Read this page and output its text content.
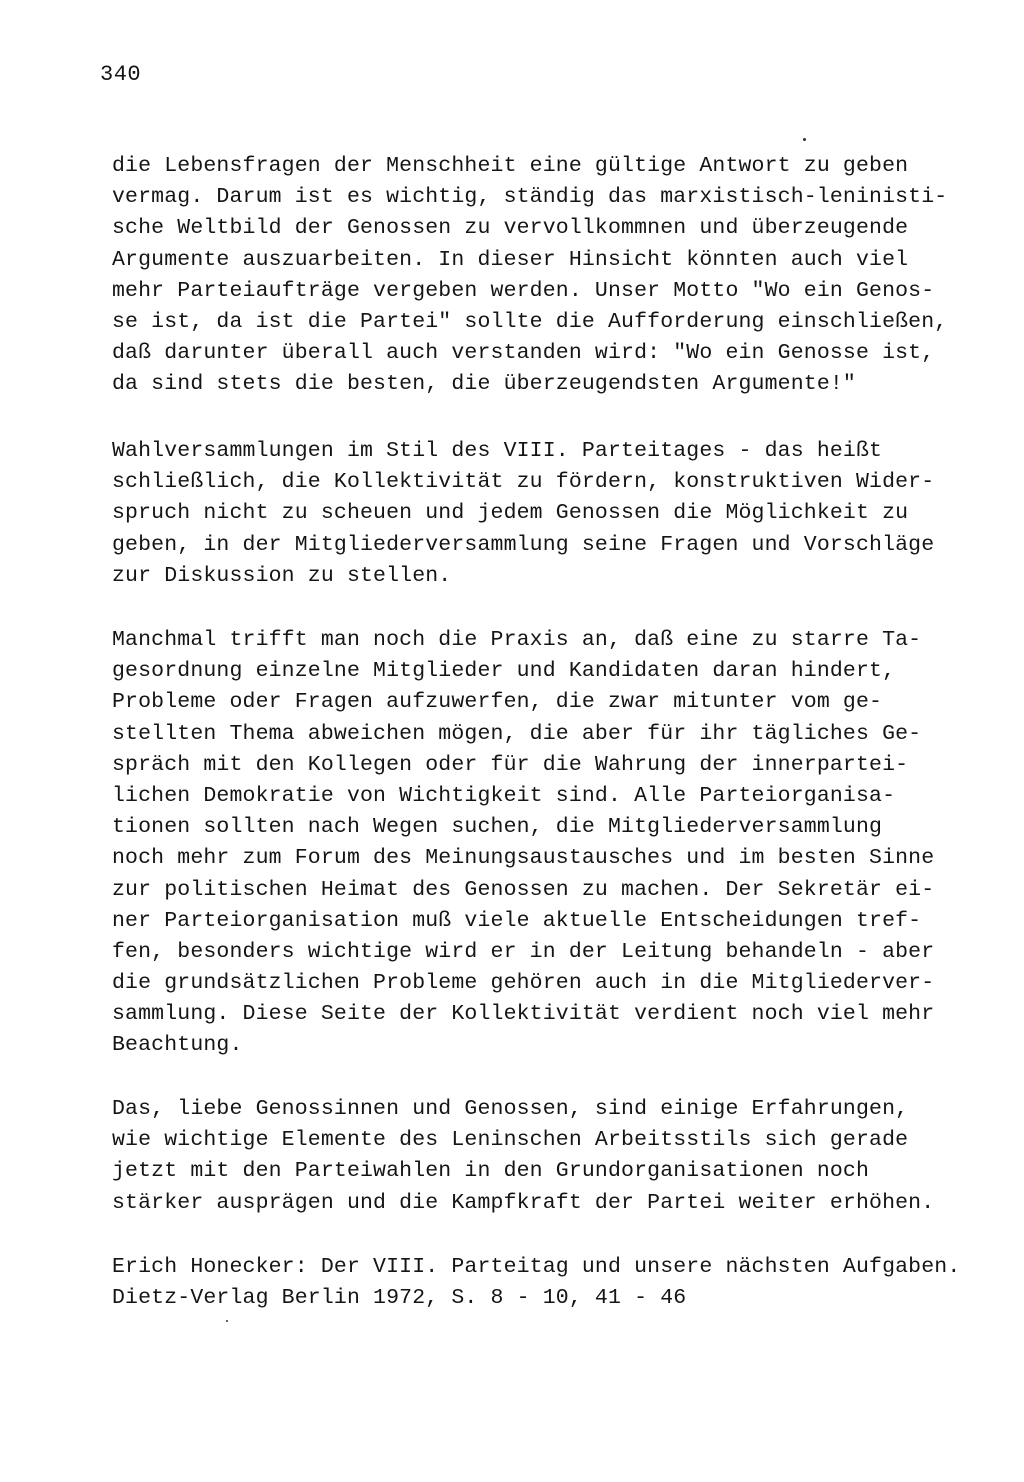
340
die Lebensfragen der Menschheit eine gültige Antwort zu geben
vermag. Darum ist es wichtig, ständig das marxistisch-leninisti-
sche Weltbild der Genossen zu vervollkommnen und überzeugende
Argumente auszuarbeiten. In dieser Hinsicht könnten auch viel
mehr Parteiaufträge vergeben werden. Unser Motto "Wo ein Genos-
se ist, da ist die Partei" sollte die Aufforderung einschließen,
daß darunter überall auch verstanden wird: "Wo ein Genosse ist,
da sind stets die besten, die überzeugendsten Argumente!"
Wahlversammlungen im Stil des VIII. Parteitages - das heißt
schließlich, die Kollektivität zu fördern, konstruktiven Wider-
spruch nicht zu scheuen und jedem Genossen die Möglichkeit zu
geben, in der Mitgliederversammlung seine Fragen und Vorschläge
zur Diskussion zu stellen.
Manchmal trifft man noch die Praxis an, daß eine zu starre Ta-
gesordnung einzelne Mitglieder und Kandidaten daran hindert,
Probleme oder Fragen aufzuwerfen, die zwar mitunter vom ge-
stellten Thema abweichen mögen, die aber für ihr tägliches Ge-
spräch mit den Kollegen oder für die Wahrung der innerpartei-
lichen Demokratie von Wichtigkeit sind. Alle Parteiorganisa-
tionen sollten nach Wegen suchen, die Mitgliederversammlung
noch mehr zum Forum des Meinungsaustausches und im besten Sinne
zur politischen Heimat des Genossen zu machen. Der Sekretär ei-
ner Parteiorganisation muß viele aktuelle Entscheidungen tref-
fen, besonders wichtige wird er in der Leitung behandeln - aber
die grundsätzlichen Probleme gehören auch in die Mitgliederver-
sammlung. Diese Seite der Kollektivität verdient noch viel mehr
Beachtung.
Das, liebe Genossinnen und Genossen, sind einige Erfahrungen,
wie wichtige Elemente des Leninschen Arbeitsstils sich gerade
jetzt mit den Parteiwahlen in den Grundorganisationen noch
stärker ausprägen und die Kampfkraft der Partei weiter erhöhen.
Erich Honecker: Der VIII. Parteitag und unsere nächsten Aufgaben.
Dietz-Verlag Berlin 1972, S. 8 - 10, 41 - 46
